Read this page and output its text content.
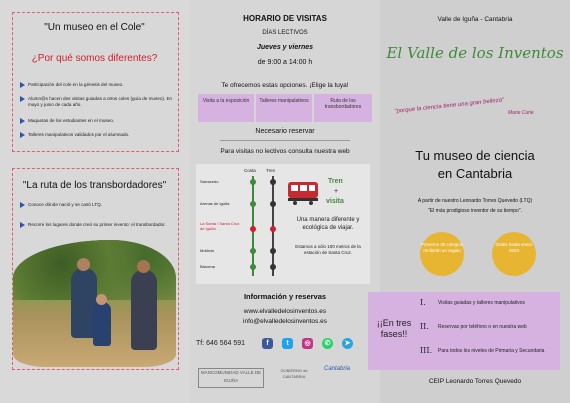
"Un museo en el Cole"
¿Por qué somos diferentes?
Participación del cole en la génesis del museo.
Alumn@s hacen des visitas guiadas a otros coles (guía de museo). En mayo y junio de cada año.
Maquetas de los estudiantes en el museo.
Talleres manipulativos validados por el alumnado.
"La ruta de los transbordadores"
Conoce dónde nació y se casó LTQ.
Recorre los lugares donde creó su primer invento: el transbordador.
HORARIO DE VISITAS
DÍAS LECTIVOS
Jueves y viernes
de 9:00 a 14:00 h
Te ofrecemos estas opciones. ¡Elige la tuya!
Visita a la exposición	Talleres manipulativos	Ruta de los transbordadores
Necesario reservar
Para visitas no lectivos consulta nuestra web
Costa Tren
Sarracedo
Arenas de Iguña
La Santa / Santa Cruz de Iguña
Molledo
Bárcena
Tren
+
visita
Una manera diferente y ecológica de viajar.
Estamos a sólo 100 metros de la estación de Santa Cruz.
Información y reservas
www.elvalledelosinventos.es
info@elvalledelosinventos.es
Tf: 646 564 591	f	t	◎	✆	➤
MANCOMUNIDAD VALLE DE IGUÑA
GOBIERNO de CANTABRIA
Cantabria
Valle de Iguña - Cantabria
El Valle de los Inventos
"porque la ciencia tiene una gran belleza" Marie Curie
Tu museo de ciencia
en Cantabria
A partir de nuestro Leonardo Torres Quevedo (LTQ)
"El más prodigioso inventor de su tiempo".
Primeros 30 colegios recibirán un regalo
Gratis hasta enero 2023
¡¡En tres fases!!
I. Visitas guiadas y talleres manipulativos
II. Reservas por teléfono o en nuestra web
III. Para todos los niveles de Primaria y Secundaria
CEIP Leonardo Torres Quevedo
